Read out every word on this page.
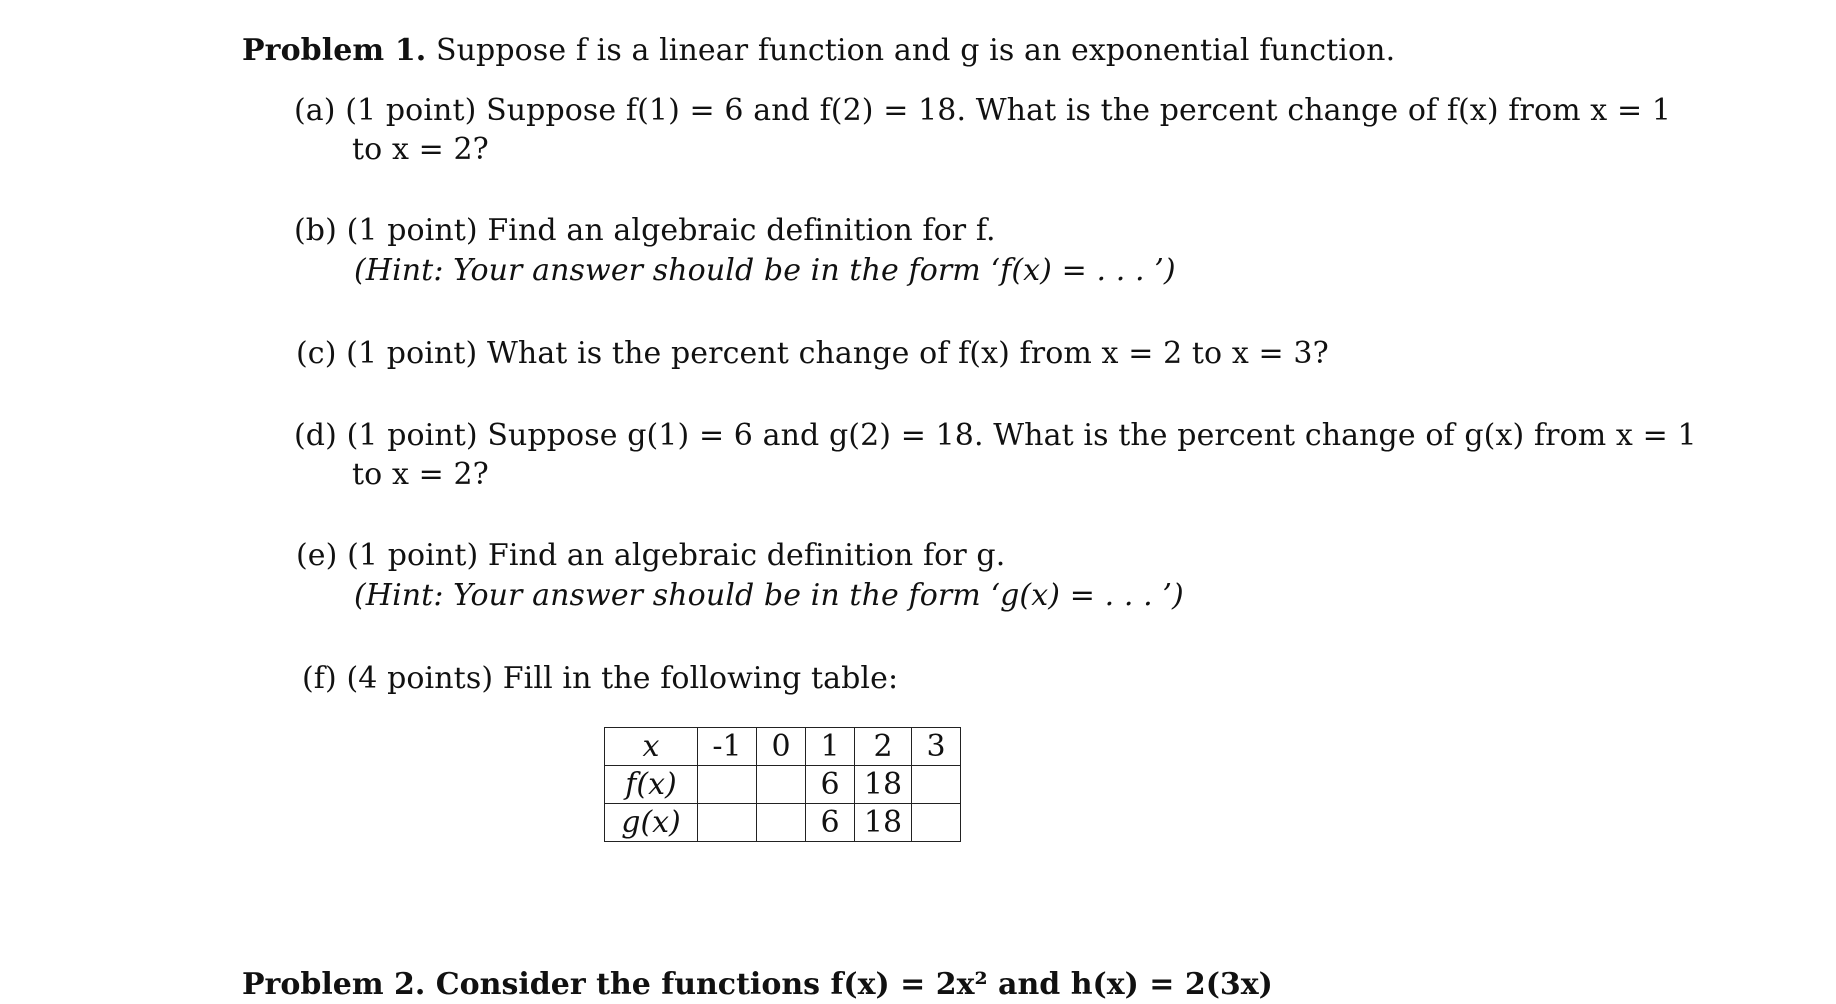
Problem 1. Suppose f is a linear function and g is an exponential function.
(a) (1 point) Suppose f(1) = 6 and f(2) = 18. What is the percent change of f(x) from x = 1
to x = 2?
(b) (1 point) Find an algebraic definition for f.
(Hint: Your answer should be in the form ‘f(x) = . . . ’)
(c) (1 point) What is the percent change of f(x) from x = 2 to x = 3?
(d) (1 point) Suppose g(1) = 6 and g(2) = 18. What is the percent change of g(x) from x = 1
to x = 2?
(e) (1 point) Find an algebraic definition for g.
(Hint: Your answer should be in the form ‘g(x) = . . . ’)
(f) (4 points) Fill in the following table:
x	-1	0	1	2	3
f(x)			6	18	
g(x)			6	18	
Problem 2. Consider the functions f(x) = 2x² and h(x) = 2(3x)
